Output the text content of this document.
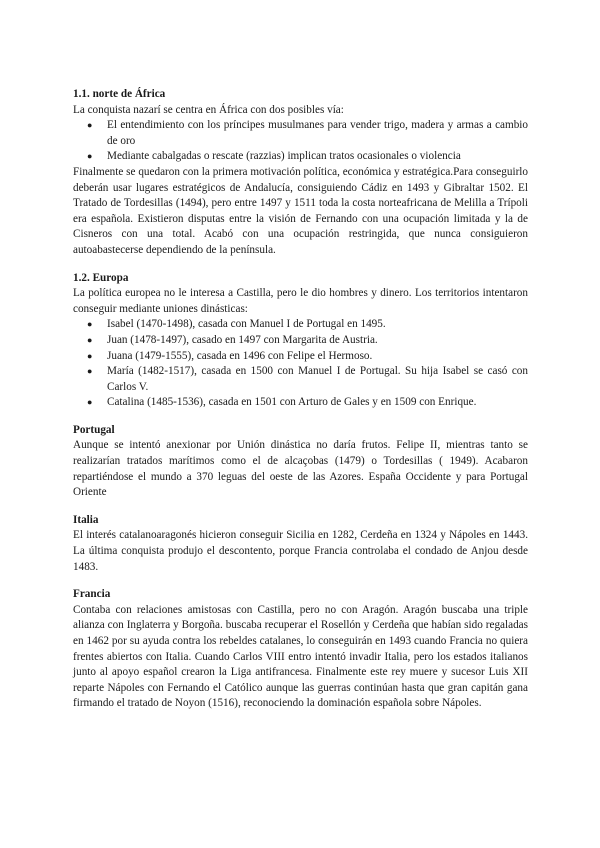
1.1. norte de África

La conquista nazarí se centra en África con dos posibles vía:

● El entendimiento con los príncipes musulmanes para vender trigo, madera y armas a cambio de oro
● Mediante cabalgadas o rescate (razzias) implican tratos ocasionales o violencia

Finalmente se quedaron con la primera motivación política, económica y estratégica.Para conseguirlo deberán usar lugares estratégicos de Andalucía, consiguiendo Cádiz en 1493 y Gibraltar 1502. El Tratado de Tordesillas (1494), pero entre 1497 y 1511 toda la costa norteafricana de Melilla a Trípoli era española. Existieron disputas entre la visión de Fernando con una ocupación limitada y la de Cisneros con una total. Acabó con una ocupación restringida, que nunca consiguieron autoabastecerse dependiendo de la península.

1.2. Europa

La política europea no le interesa a Castilla, pero le dio hombres y dinero. Los territorios intentaron conseguir mediante uniones dinásticas:

● Isabel (1470-1498), casada con Manuel I de Portugal en 1495.
● Juan (1478-1497), casado en 1497 con Margarita de Austria.
● Juana (1479-1555), casada en 1496 con Felipe el Hermoso.
● María (1482-1517), casada en 1500 con Manuel I de Portugal. Su hija Isabel se casó con Carlos V.
● Catalina (1485-1536), casada en 1501 con Arturo de Gales y en 1509 con Enrique.

Portugal

Aunque se intentó anexionar por Unión dinástica no daría frutos. Felipe II, mientras tanto se realizarían tratados marítimos como el de alcaçobas (1479) o Tordesillas ( 1949). Acabaron repartiéndose el mundo a 370 leguas del oeste de las Azores. España Occidente y para Portugal Oriente

Italia

El interés catalanoaragonés hicieron conseguir Sicilia en 1282, Cerdeña en 1324 y Nápoles en 1443. La última conquista produjo el descontento, porque Francia controlaba el condado de Anjou desde 1483.

Francia

Contaba con relaciones amistosas con Castilla, pero no con Aragón. Aragón buscaba una triple alianza con Inglaterra y Borgoña. buscaba recuperar el Rosellón y Cerdeña que habían sido regaladas en 1462 por su ayuda contra los rebeldes catalanes, lo conseguirán en 1493 cuando Francia no quiera frentes abiertos con Italia. Cuando Carlos VIII entro intentó invadir Italia, pero los estados italianos junto al apoyo español crearon la Liga antifrancesa. Finalmente este rey muere y sucesor Luis XII reparte Nápoles con Fernando el Católico aunque las guerras continúan hasta que gran capitán gana firmando el tratado de Noyon (1516), reconociendo la dominación española sobre Nápoles.
